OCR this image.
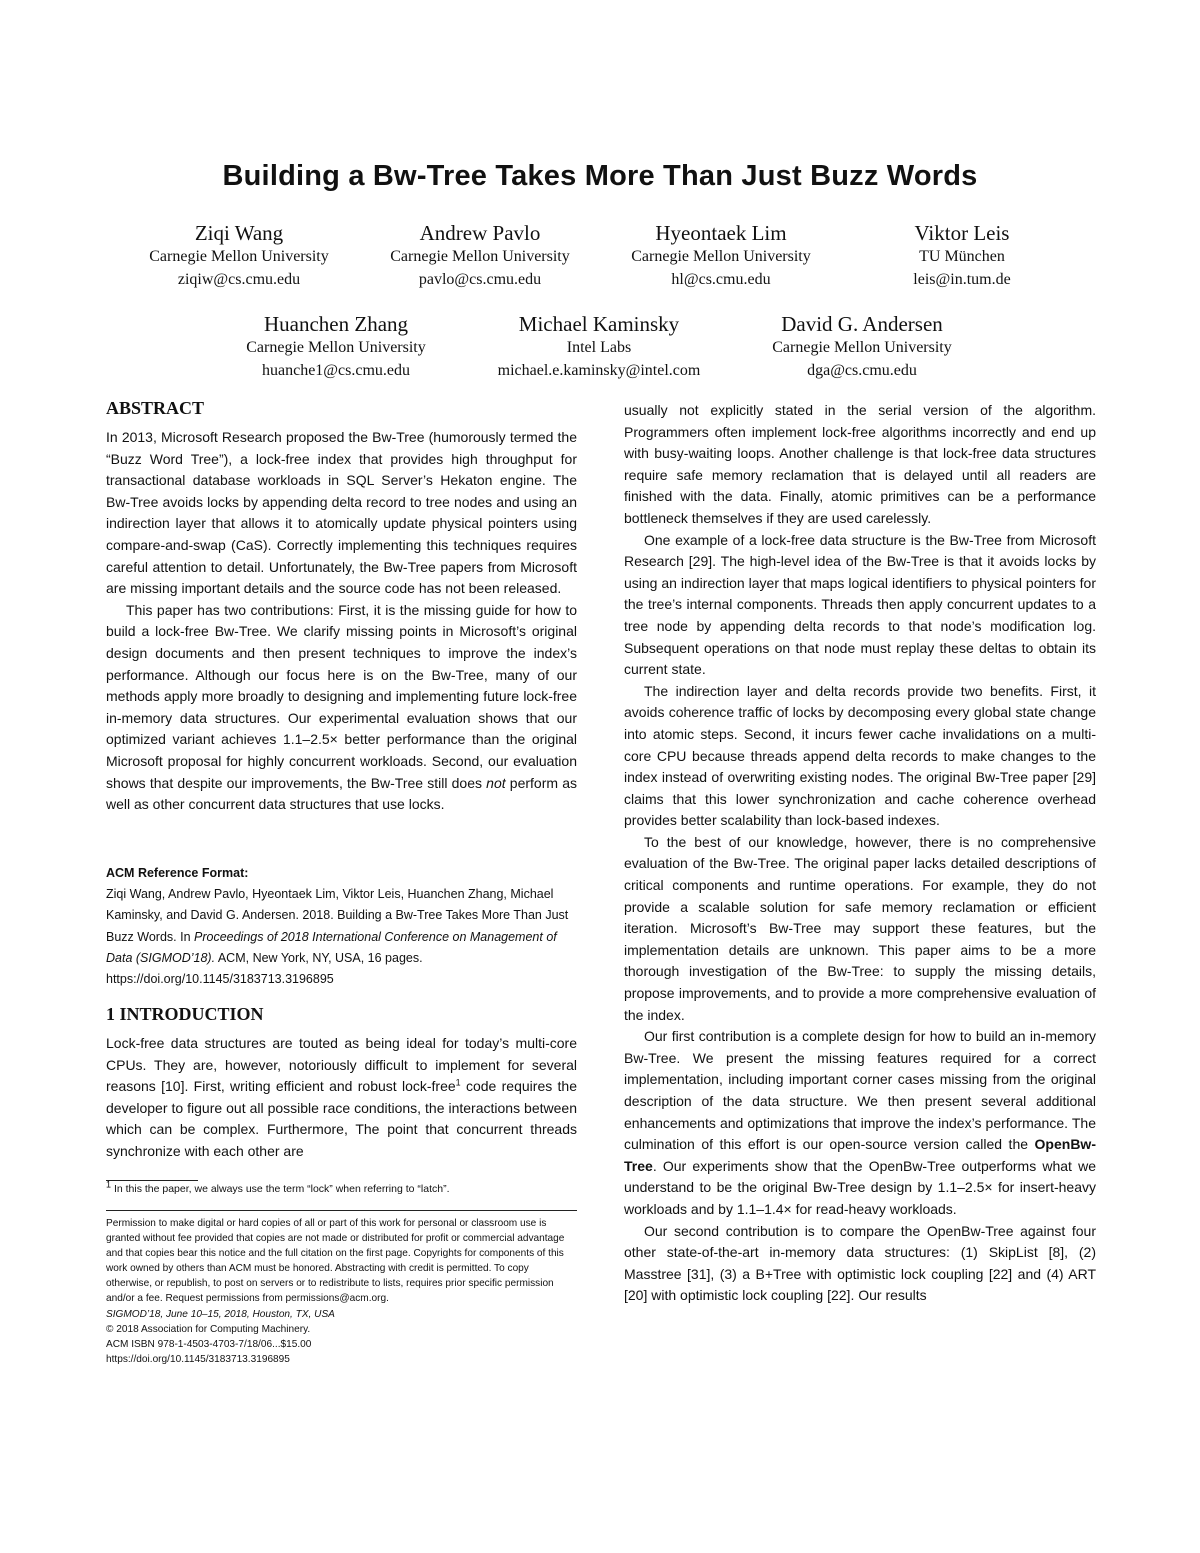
Building a Bw-Tree Takes More Than Just Buzz Words
Ziqi Wang
Carnegie Mellon University
ziqiw@cs.cmu.edu
Andrew Pavlo
Carnegie Mellon University
pavlo@cs.cmu.edu
Hyeontaek Lim
Carnegie Mellon University
hl@cs.cmu.edu
Viktor Leis
TU München
leis@in.tum.de
Huanchen Zhang
Carnegie Mellon University
huanche1@cs.cmu.edu
Michael Kaminsky
Intel Labs
michael.e.kaminsky@intel.com
David G. Andersen
Carnegie Mellon University
dga@cs.cmu.edu
ABSTRACT

In 2013, Microsoft Research proposed the Bw-Tree (humorously termed the “Buzz Word Tree”), a lock-free index that provides high throughput for transactional database workloads in SQL Server’s Hekaton engine. The Bw-Tree avoids locks by appending delta record to tree nodes and using an indirection layer that allows it to atomically update physical pointers using compare-and-swap (CaS). Correctly implementing this techniques requires careful attention to detail. Unfortunately, the Bw-Tree papers from Microsoft are missing important details and the source code has not been released.

This paper has two contributions: First, it is the missing guide for how to build a lock-free Bw-Tree. We clarify missing points in Microsoft’s original design documents and then present techniques to improve the index’s performance. Although our focus here is on the Bw-Tree, many of our methods apply more broadly to designing and implementing future lock-free in-memory data structures. Our experimental evaluation shows that our optimized variant achieves 1.1–2.5× better performance than the original Microsoft proposal for highly concurrent workloads. Second, our evaluation shows that despite our improvements, the Bw-Tree still does not perform as well as other concurrent data structures that use locks.

ACM Reference Format:

Ziqi Wang, Andrew Pavlo, Hyeontaek Lim, Viktor Leis, Huanchen Zhang, Michael Kaminsky, and David G. Andersen. 2018. Building a Bw-Tree Takes More Than Just Buzz Words. In Proceedings of 2018 International Conference on Management of Data (SIGMOD’18). ACM, New York, NY, USA, 16 pages. https://doi.org/10.1145/3183713.3196895

1 INTRODUCTION

Lock-free data structures are touted as being ideal for today’s multi-core CPUs. They are, however, notoriously difficult to implement for several reasons [10]. First, writing efficient and robust lock-free$^1$ code requires the developer to figure out all possible race conditions, the interactions between which can be complex. Furthermore, The point that concurrent threads synchronize with each other are

$^1$ In this the paper, we always use the term “lock” when referring to “latch”.

Permission to make digital or hard copies of all or part of this work for personal or classroom use is granted without fee provided that copies are not made or distributed for profit or commercial advantage and that copies bear this notice and the full citation on the first page. Copyrights for components of this work owned by others than ACM must be honored. Abstracting with credit is permitted. To copy otherwise, or republish, to post on servers or to redistribute to lists, requires prior specific permission and/or a fee. Request permissions from permissions@acm.org.

SIGMOD’18, June 10–15, 2018, Houston, TX, USA

© 2018 Association for Computing Machinery.

ACM ISBN 978-1-4503-4703-7/18/06...$15.00

https://doi.org/10.1145/3183713.3196895

usually not explicitly stated in the serial version of the algorithm. Programmers often implement lock-free algorithms incorrectly and end up with busy-waiting loops. Another challenge is that lock-free data structures require safe memory reclamation that is delayed until all readers are finished with the data. Finally, atomic primitives can be a performance bottleneck themselves if they are used carelessly.

One example of a lock-free data structure is the Bw-Tree from Microsoft Research [29]. The high-level idea of the Bw-Tree is that it avoids locks by using an indirection layer that maps logical identifiers to physical pointers for the tree’s internal components. Threads then apply concurrent updates to a tree node by appending delta records to that node’s modification log. Subsequent operations on that node must replay these deltas to obtain its current state.

The indirection layer and delta records provide two benefits. First, it avoids coherence traffic of locks by decomposing every global state change into atomic steps. Second, it incurs fewer cache invalidations on a multi-core CPU because threads append delta records to make changes to the index instead of overwriting existing nodes. The original Bw-Tree paper [29] claims that this lower synchronization and cache coherence overhead provides better scalability than lock-based indexes.

To the best of our knowledge, however, there is no comprehensive evaluation of the Bw-Tree. The original paper lacks detailed descriptions of critical components and runtime operations. For example, they do not provide a scalable solution for safe memory reclamation or efficient iteration. Microsoft’s Bw-Tree may support these features, but the implementation details are unknown. This paper aims to be a more thorough investigation of the Bw-Tree: to supply the missing details, propose improvements, and to provide a more comprehensive evaluation of the index.

Our first contribution is a complete design for how to build an in-memory Bw-Tree. We present the missing features required for a correct implementation, including important corner cases missing from the original description of the data structure. We then present several additional enhancements and optimizations that improve the index’s performance. The culmination of this effort is our open-source version called the OpenBw-Tree. Our experiments show that the OpenBw-Tree outperforms what we understand to be the original Bw-Tree design by 1.1–2.5× for insert-heavy workloads and by 1.1–1.4× for read-heavy workloads.

Our second contribution is to compare the OpenBw-Tree against four other state-of-the-art in-memory data structures: (1) SkipList [8], (2) Masstree [31], (3) a B+Tree with optimistic lock coupling [22] and (4) ART [20] with optimistic lock coupling [22]. Our results
